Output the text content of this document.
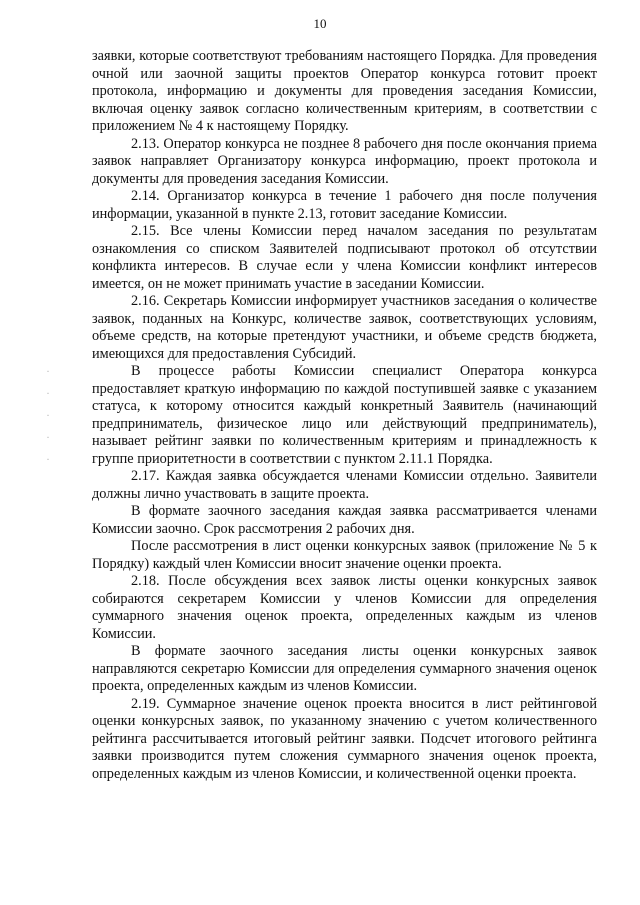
10
·
·
·
·
·

заявки, которые соответствуют требованиям настоящего Порядка. Для проведения очной или заочной защиты проектов Оператор конкурса готовит проект протокола, информацию и документы для проведения заседания Комиссии, включая оценку заявок согласно количественным критериям, в соответствии с приложением № 4 к настоящему Порядку.

2.13. Оператор конкурса не позднее 8 рабочего дня после окончания приема заявок направляет Организатору конкурса информацию, проект протокола и документы для проведения заседания Комиссии.

2.14. Организатор конкурса в течение 1 рабочего дня после получения информации, указанной в пункте 2.13, готовит заседание Комиссии.

2.15. Все члены Комиссии перед началом заседания по результатам ознакомления со списком Заявителей подписывают протокол об отсутствии конфликта интересов. В случае если у члена Комиссии конфликт интересов имеется, он не может принимать участие в заседании Комиссии.

2.16. Секретарь Комиссии информирует участников заседания о количестве заявок, поданных на Конкурс, количестве заявок, соответствующих условиям, объеме средств, на которые претендуют участники, и объеме средств бюджета, имеющихся для предоставления Субсидий.

В процессе работы Комиссии специалист Оператора конкурса предоставляет краткую информацию по каждой поступившей заявке с указанием статуса, к которому относится каждый конкретный Заявитель (начинающий предприниматель, физическое лицо или действующий предприниматель), называет рейтинг заявки по количественным критериям и принадлежность к группе приоритетности в соответствии с пунктом 2.11.1 Порядка.

2.17. Каждая заявка обсуждается членами Комиссии отдельно. Заявители должны лично участвовать в защите проекта.

В формате заочного заседания каждая заявка рассматривается членами Комиссии заочно. Срок рассмотрения 2 рабочих дня.

После рассмотрения в лист оценки конкурсных заявок (приложение № 5 к Порядку) каждый член Комиссии вносит значение оценки проекта.

2.18. После обсуждения всех заявок листы оценки конкурсных заявок собираются секретарем Комиссии у членов Комиссии для определения суммарного значения оценок проекта, определенных каждым из членов Комиссии.

В формате заочного заседания листы оценки конкурсных заявок направляются секретарю Комиссии для определения суммарного значения оценок проекта, определенных каждым из членов Комиссии.

2.19. Суммарное значение оценок проекта вносится в лист рейтинговой оценки конкурсных заявок, по указанному значению с учетом количественного рейтинга рассчитывается итоговый рейтинг заявки. Подсчет итогового рейтинга заявки производится путем сложения суммарного значения оценок проекта, определенных каждым из членов Комиссии, и количественной оценки проекта.
